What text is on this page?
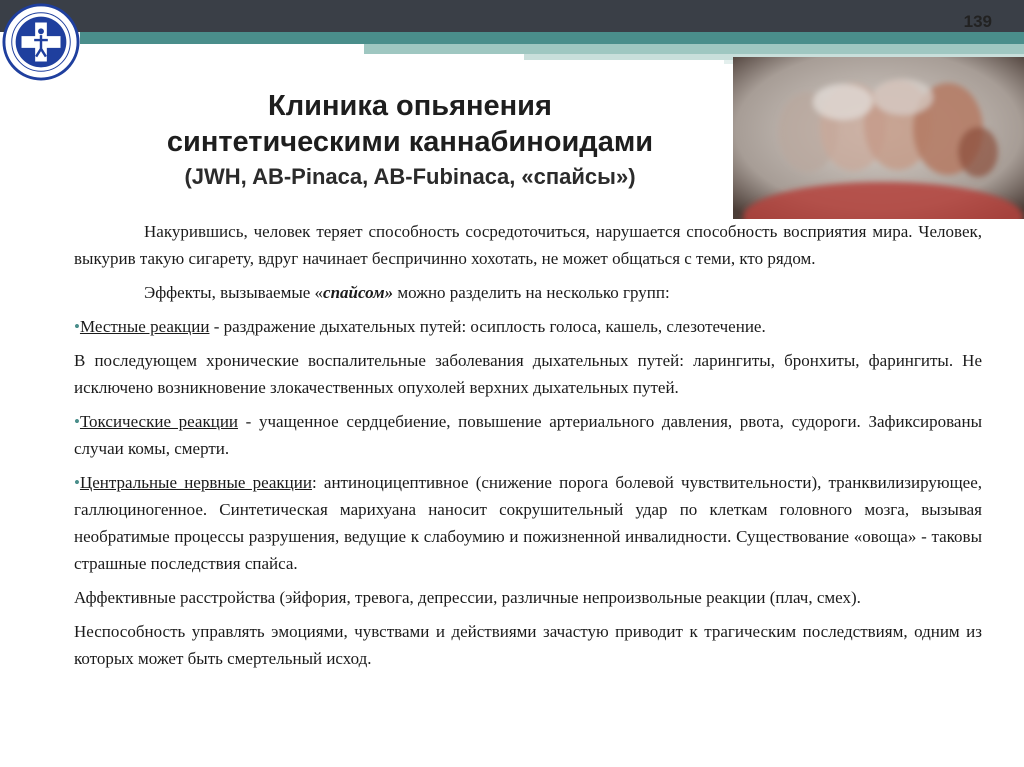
139
Клиника опьянения
синтетическими каннабиноидами
(JWH, AB-Pinaca, AB-Fubinaca, «спайсы»)

Накурившись, человек теряет способность сосредоточиться, нарушается способность восприятия мира. Человек, выкурив такую сигарету, вдруг начинает беспричинно хохотать, не может общаться с теми, кто рядом.

Эффекты, вызываемые «спайсом» можно разделить на несколько групп:

•Местные реакции - раздражение дыхательных путей: осиплость голоса, кашель, слезотечение.

В последующем хронические воспалительные заболевания дыхательных путей: ларингиты, бронхиты, фарингиты. Не исключено возникновение злокачественных опухолей верхних дыхательных путей.

•Токсические реакции - учащенное сердцебиение, повышение артериального давления, рвота, судороги. Зафиксированы случаи комы, смерти.

•Центральные нервные реакции: антиноцицептивное (снижение порога болевой чувствительности), транквилизирующее, галлюциногенное. Синтетическая марихуана наносит сокрушительный удар по клеткам головного мозга, вызывая необратимые процессы разрушения, ведущие к слабоумию и пожизненной инвалидности. Существование «овоща» - таковы страшные последствия спайса.

Аффективные расстройства (эйфория, тревога, депрессии, различные непроизвольные реакции (плач, смех).

Неспособность управлять эмоциями, чувствами и действиями зачастую приводит к трагическим последствиям, одним из которых может быть смертельный исход.
